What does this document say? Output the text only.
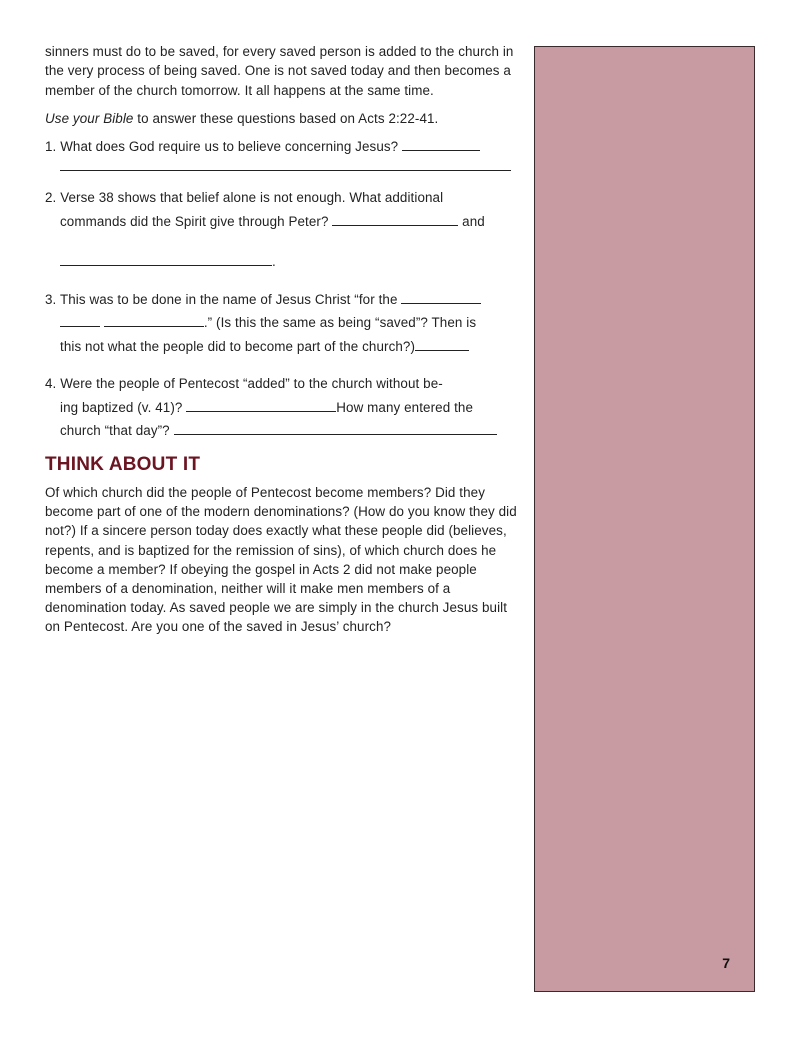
sinners must do to be saved, for every saved person is added to the church in the very process of being saved. One is not saved today and then becomes a member of the church tomorrow. It all happens at the same time.

Use your Bible to answer these questions based on Acts 2:22-41.

1. What does God require us to believe concerning Jesus?
2. Verse 38 shows that belief alone is not enough. What additional
commands did the Spirit give through Peter?	and
.
3. This was to be done in the name of Jesus Christ “for the
.” (Is this the same as being “saved”? Then is
this not what the people did to become part of the church?)
4. Were the people of Pentecost “added” to the church without be-
ing baptized (v. 41)?	How many entered the
church “that day”?

THINK ABOUT IT

Of which church did the people of Pentecost become members? Did they become part of one of the modern denominations? (How do you know they did not?) If a sincere person today does exactly what these people did (believes, repents, and is baptized for the remission of sins), of which church does he become a member? If obeying the gospel in Acts 2 did not make people members of a denomination, neither will it make men members of a denomination today. As saved people we are simply in the church Jesus built on Pentecost. Are you one of the saved in Jesus’ church?

7
